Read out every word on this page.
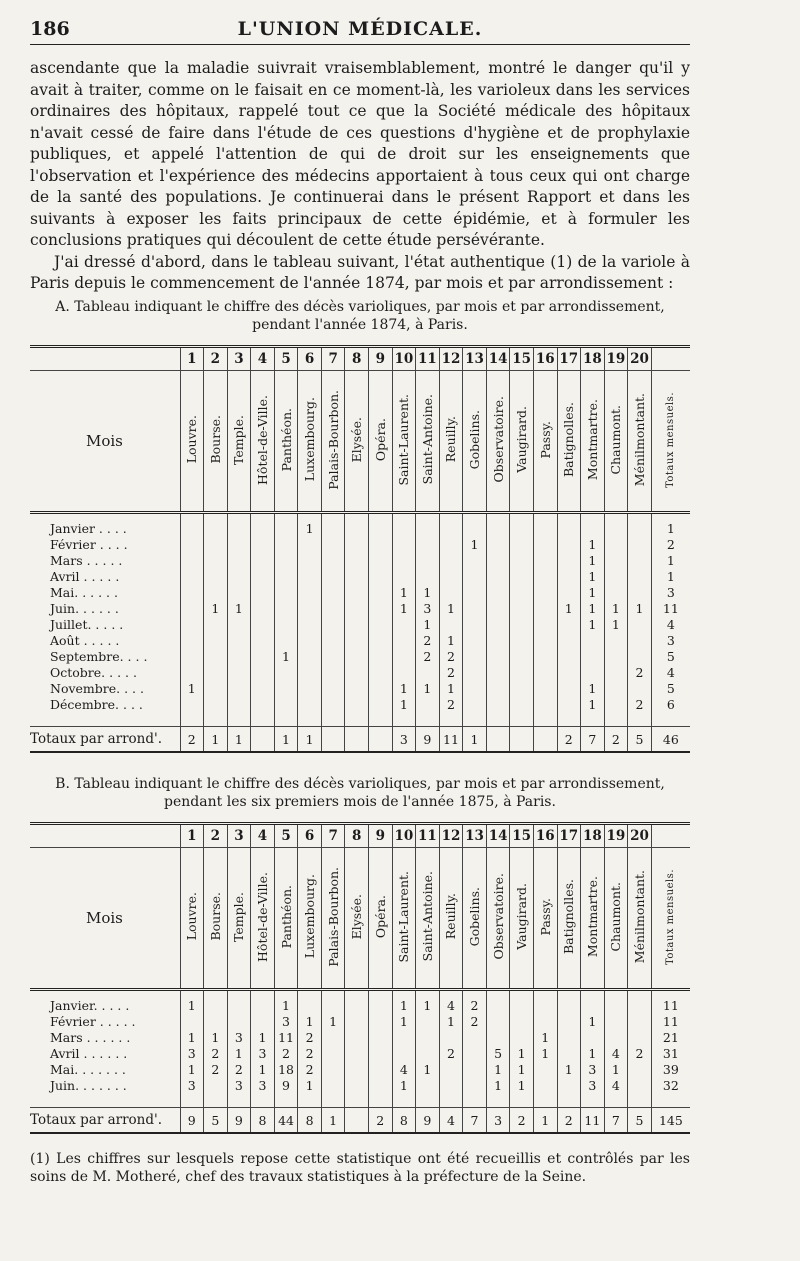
186	L'UNION MÉDICALE.

ascendante que la maladie suivrait vraisemblablement, montré le danger qu'il y avait à traiter, comme on le faisait en ce moment-là, les varioleux dans les services ordinaires des hôpitaux, rappelé tout ce que la Société médicale des hôpitaux n'avait cessé de faire dans l'étude de ces questions d'hygiène et de prophylaxie publiques, et appelé l'attention de qui de droit sur les enseignements que l'observation et l'expérience des médecins apportaient à tous ceux qui ont charge de la santé des populations. Je continuerai dans le présent Rapport et dans les suivants à exposer les faits principaux de cette épidémie, et à formuler les conclusions pratiques qui découlent de cette étude persévérante.

J'ai dressé d'abord, dans le tableau suivant, l'état authentique (1) de la variole à Paris depuis le commencement de l'année 1874, par mois et par arrondissement :

A. Tableau indiquant le chiffre des décès varioliques, par mois et par arrondissement,
pendant l'année 1874, à Paris.
	1	2	3	4	5	6	7	8	9	10	11	12	13	14	15	16	17	18	19	20	
Mois	Louvre.	Bourse.	Temple.	Hôtel-de-Ville.	Panthéon.	Luxembourg.	Palais-Bourbon.	Elysée.	Opéra.	Saint-Laurent.	Saint-Antoine.	Reuilly.	Gobelins.	Observatoire.	Vaugirard.	Passy.	Batignolles.	Montmartre.	Chaumont.	Ménilmontant.	Totaux mensuels.
Janvier . . . .						1															1
Février . . . .													1					1			2
Mars . . . . .																		1			1
Avril . . . . .																		1			1
Mai. . . . . .										1	1							1			3
Juin. . . . . .		1	1							1	3	1					1	1	1	1	11
Juillet. . . . .											1							1	1		4
Août . . . . .											2	1									3
Septembre. . . .					1						2	2									5
Octobre. . . . .												2								2	4
Novembre. . . .	1									1	1	1						1			5
Décembre. . . .										1		2						1		2	6

Totaux par arrond'.	2	1	1		1	1				3	9	11	1				2	7	2	5	46
B. Tableau indiquant le chiffre des décès varioliques, par mois et par arrondissement,
pendant les six premiers mois de l'année 1875, à Paris.
	1	2	3	4	5	6	7	8	9	10	11	12	13	14	15	16	17	18	19	20	
Mois	Louvre.	Bourse.	Temple.	Hôtel-de-Ville.	Panthéon.	Luxembourg.	Palais-Bourbon.	Elysée.	Opéra.	Saint-Laurent.	Saint-Antoine.	Reuilly.	Gobelins.	Observatoire.	Vaugirard.	Passy.	Batignolles.	Montmartre.	Chaumont.	Ménilmontant.	Totaux mensuels.
Janvier. . . . .	1				1					1	1	4	2								11
Février . . . . .					3	1	1			1		1	2					1			11
Mars . . . . . .	1	1	3	1	11	2										1					21
Avril . . . . . .	3	2	1	3	2	2						2		5	1	1		1	4	2	31
Mai. . . . . . .	1	2	2	1	18	2				4	1			1	1		1	3	1		39
Juin. . . . . . .	3		3	3	9	1				1				1	1			3	4		32

Totaux par arrond'.	9	5	9	8	44	8	1		2	8	9	4	7	3	2	1	2	11	7	5	145

(1) Les chiffres sur lesquels repose cette statistique ont été recueillis et contrôlés par les soins de M. Motheré, chef des travaux statistiques à la préfecture de la Seine.
